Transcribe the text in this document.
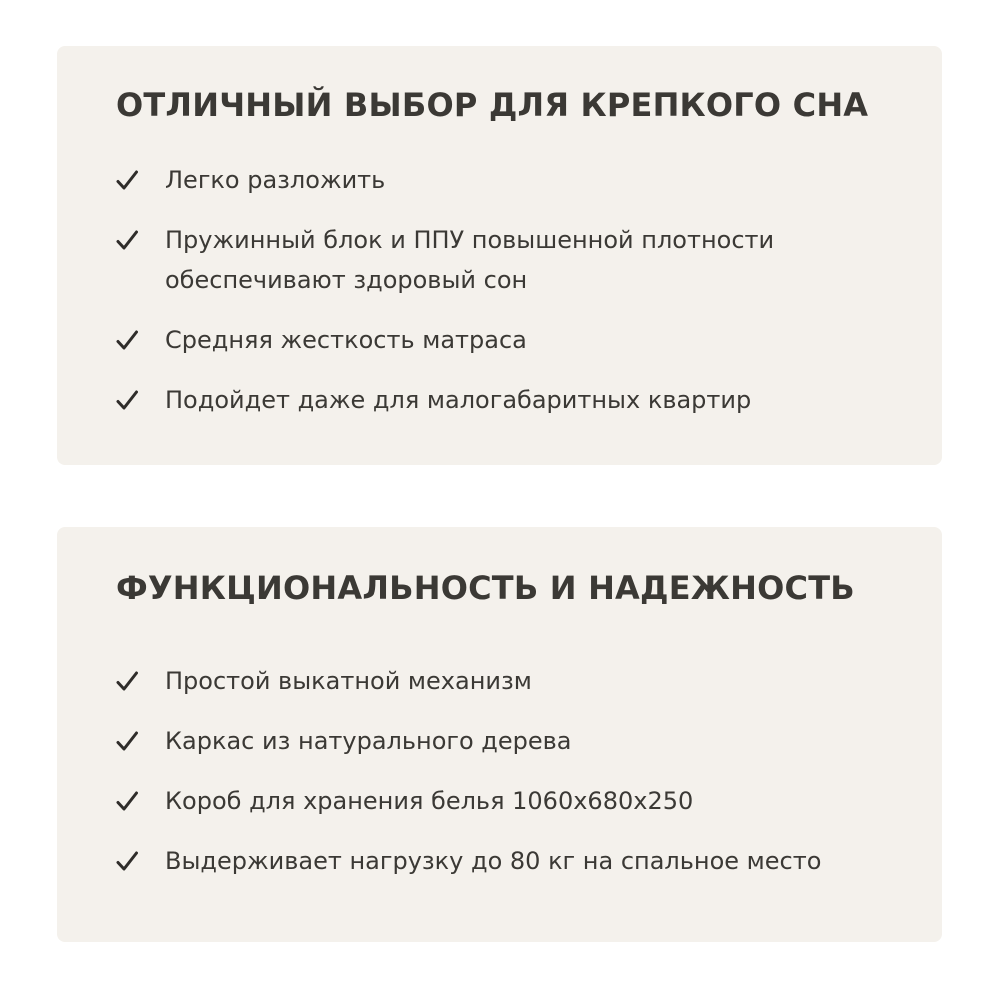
ОТЛИЧНЫЙ ВЫБОР ДЛЯ КРЕПКОГО СНА
Легко разложить
Пружинный блок и ППУ повышенной плотности обеспечивают здоровый сон
Средняя жесткость матраса
Подойдет даже для малогабаритных квартир
ФУНКЦИОНАЛЬНОСТЬ И НАДЕЖНОСТЬ
Простой выкатной механизм
Каркас из натурального дерева
Короб для хранения белья 1060х680х250
Выдерживает нагрузку до 80 кг на спальное место
